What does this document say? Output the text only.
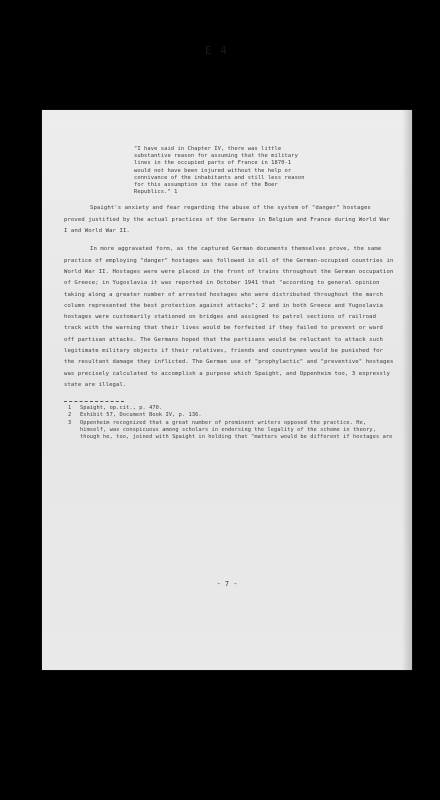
E 4

"I have said in Chapter IV, there was little substantive reason for assuming that the military lines in the occupied parts of France in 1870-1 would not have been injured without the help or connivance of the inhabitants and still less reason for this assumption in the case of the Boer Republics." 1

Spaight's anxiety and fear regarding the abuse of the system of "danger" hostages proved justified by the actual practices of the Germans in Belgium and France during World War I and World War II.

In more aggravated form, as the captured German documents themselves prove, the same practice of employing "danger" hostages was followed in all of the German-occupied countries in World War II. Hostages were were placed in the front of trains throughout the German occupation of Greece; in Yugoslavia it was reported in October 1941 that "according to general opinion taking along a greater number of arrested hostages who were distributed throughout the march column represented the best protection against attacks"; 2 and in both Greece and Yugoslavia hostages were customarily stationed on bridges and assigned to patrol sections of railroad track with the warning that their lives would be forfeited if they failed to prevent or ward off partisan attacks. The Germans hoped that the partisans would be reluctant to attack such legitimate military objects if their relatives, friends and countrymen would be punished for the resultant damage they inflicted. The German use of "prophylactic" and "preventive" hostages was precisely calculated to accomplish a purpose which Spaight, and Oppenheim too, 3 expressly state are illegal.

1 Spaight, op.cit., p. 470.
2 Exhibit 57, Document Book IV, p. 136.
3 Oppenheim recognized that a great number of prominent writers opposed the practice. He, himself, was conspicuous among scholars in endorsing the legality of the scheme in theory, though he, too, joined with Spaight in holding that "matters would be different if hostages are
- 7 -
